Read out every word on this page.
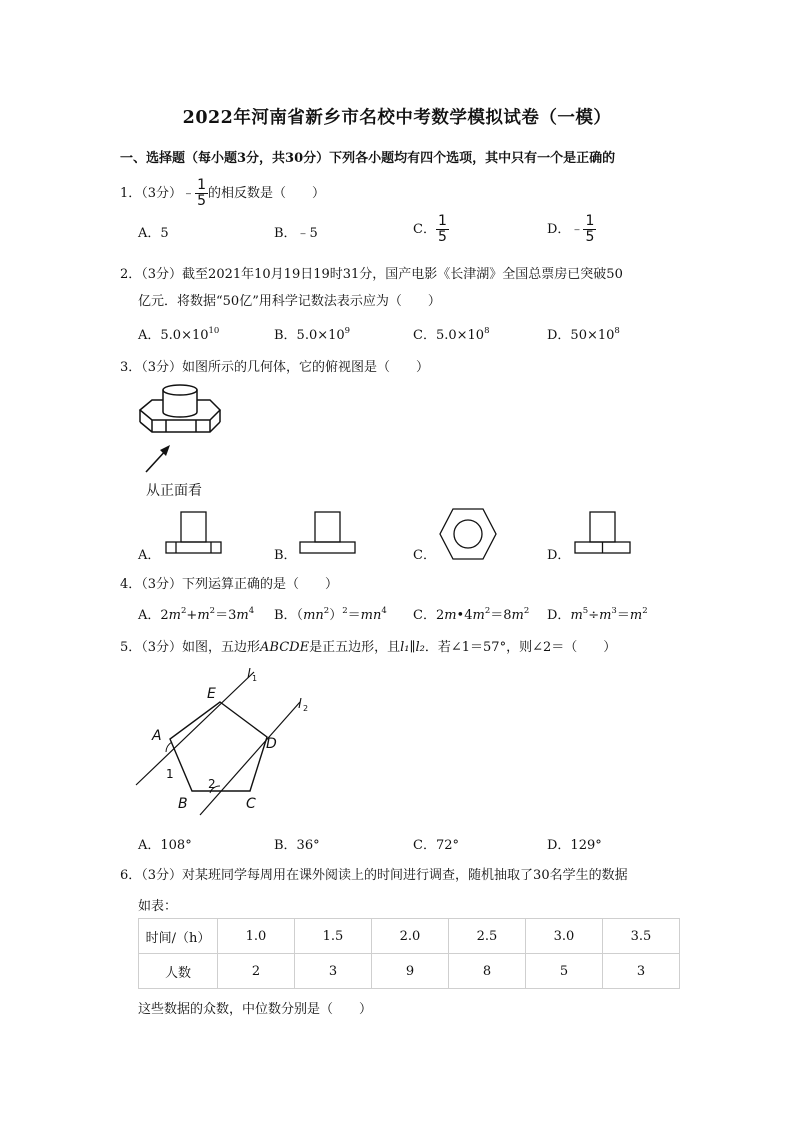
2022年河南省新乡市名校中考数学模拟试卷（一模）
一、选择题（每小题3分，共30分）下列各小题均有四个选项，其中只有一个是正确的
1．（3分）﹣ $\frac{1}{5}$ 的相反数是（　　）
A．5	B．﹣5	C． $\frac{1}{5}$	D．﹣ $\frac{1}{5}$
2．（3分）截至2021年10月19日19时31分，国产电影《长津湖》全国总票房已突破50
亿元．将数据“50亿”用科学记数法表示应为（　　）
A．$5.0\times 10^{10}$	B．$5.0\times 10^9$	C．$5.0\times 10^8$	D．$50\times 10^8$
3．（3分）如图所示的几何体，它的俯视图是（　　）
从正面看
A．	B．	C．	D．
4．（3分）下列运算正确的是（　　）
A．$2m^2+m^2=3m^4$ B．$(mn^2)^2=mn^4$ C．$2m•4m^2=8m^2$ D．$m^5\div m^3=m^2$
5．（3分）如图，五边形ABCDE是正五边形，且l₁∥l₂．若∠1＝57°，则∠2＝（　　）
E
A	D
B	C
l 1
l 2
1
2
A．108°	B．36°	C．72°	D．129°
6．（3分）对某班同学每周用在课外阅读上的时间进行调查，随机抽取了30名学生的数据
如表：
时间/（h）	1.0	1.5	2.0	2.5	3.0	3.5
人数	2	3	9	8	5	3
这些数据的众数，中位数分别是（　　）
